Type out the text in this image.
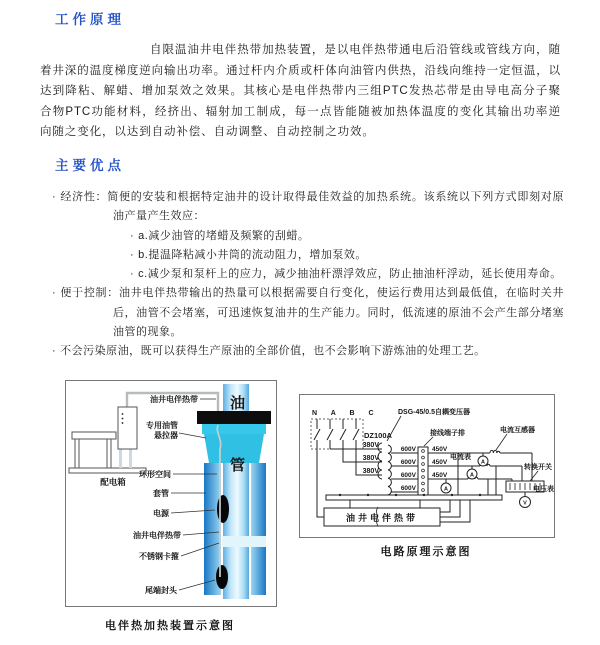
工作原理
自限温油井电伴热带加热装置，是以电伴热带通电后沿管线或管线方向，随着井深的温度梯度逆向输出功率。通过杆内介质或杆体向油管内供热，沿线向维持一定恒温，以达到降粘、解蜡、增加泵效之效果。其核心是电伴热带内三组PTC发热芯带是由导电高分子聚合物PTC功能材料，经挤出、辐射加工制成，每一点皆能随被加热体温度的变化其输出功率逆向随之变化，以达到自动补偿、自动调整、自动控制之功效。
主要优点
· 经济性：简便的安装和根据特定油井的设计取得最佳效益的加热系统。该系统以下列方式即刻对原油产量产生效应：
· a.减少油管的堵蜡及频繁的刮蜡。
· b.提温降粘减小井筒的流动阻力，增加泵效。
· c.减少泵和泵杆上的应力，减少抽油杆漂浮效应，防止抽油杆浮动，延长使用寿命。
· 便于控制：油井电伴热带输出的热量可以根据需要自行变化，使运行费用达到最低值，在临时关井后，油管不会堵塞，可迅速恢复油井的生产能力。同时，低流速的原油不会产生部分堵塞油管的现象。
· 不会污染原油，既可以获得生产原油的全部价值，也不会影响下游炼油的处理工艺。
油
管
油井电伴热带
专用油管
悬拉器
环形空间
套管
电源
油井电伴热带
不锈钢卡箍
尾端封头
配电箱
电伴热加热装置示意图
N A B C
DZ100A
380V
380V
380V
DSG-45/0.5自耦变压器
接线端子排
600V
600V
600V
600V
450V
450V
450V
电流互感器
电流表
A
A
A
转换开关
电压表
V
油井电伴热带
电路原理示意图
